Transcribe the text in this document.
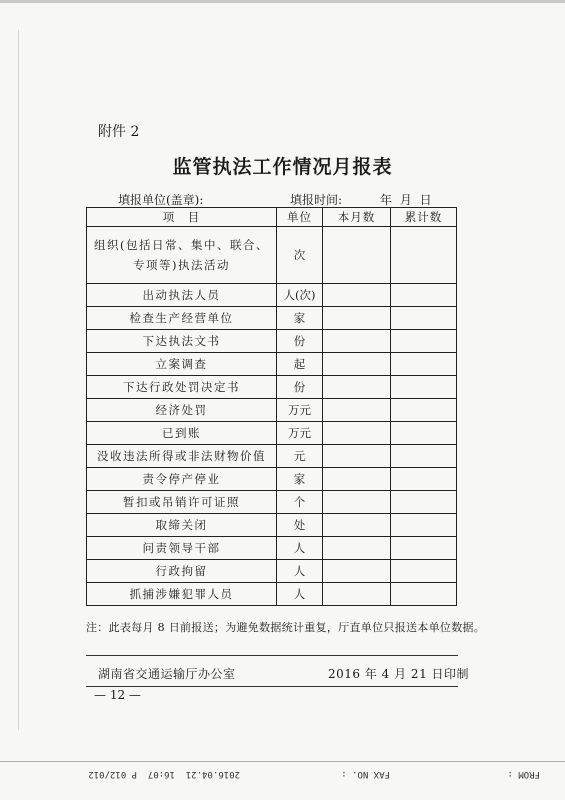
附件 2
监管执法工作情况月报表
填报单位(盖章):	填报时间:	年 月 日
项　目	单位	本月数	累计数
组织(包括日常、集中、联合、专项等)执法活动	次		
出动执法人员	人(次)		
检查生产经营单位	家		
下达执法文书	份		
立案调查	起		
下达行政处罚决定书	份		
经济处罚	万元		
已到账	万元		
没收违法所得或非法财物价值	元		
责令停产停业	家		
暂扣或吊销许可证照	个		
取缔关闭	处		
问责领导干部	人		
行政拘留	人		
抓捕涉嫌犯罪人员	人		
注：此表每月 8 日前报送；为避免数据统计重复，厅直单位只报送本单位数据。
湖南省交通运输厅办公室	2016 年 4 月 21 日印制
— 12 —
FROM :
FAX NO. :
2016.04.21  16:07  P 012/012
